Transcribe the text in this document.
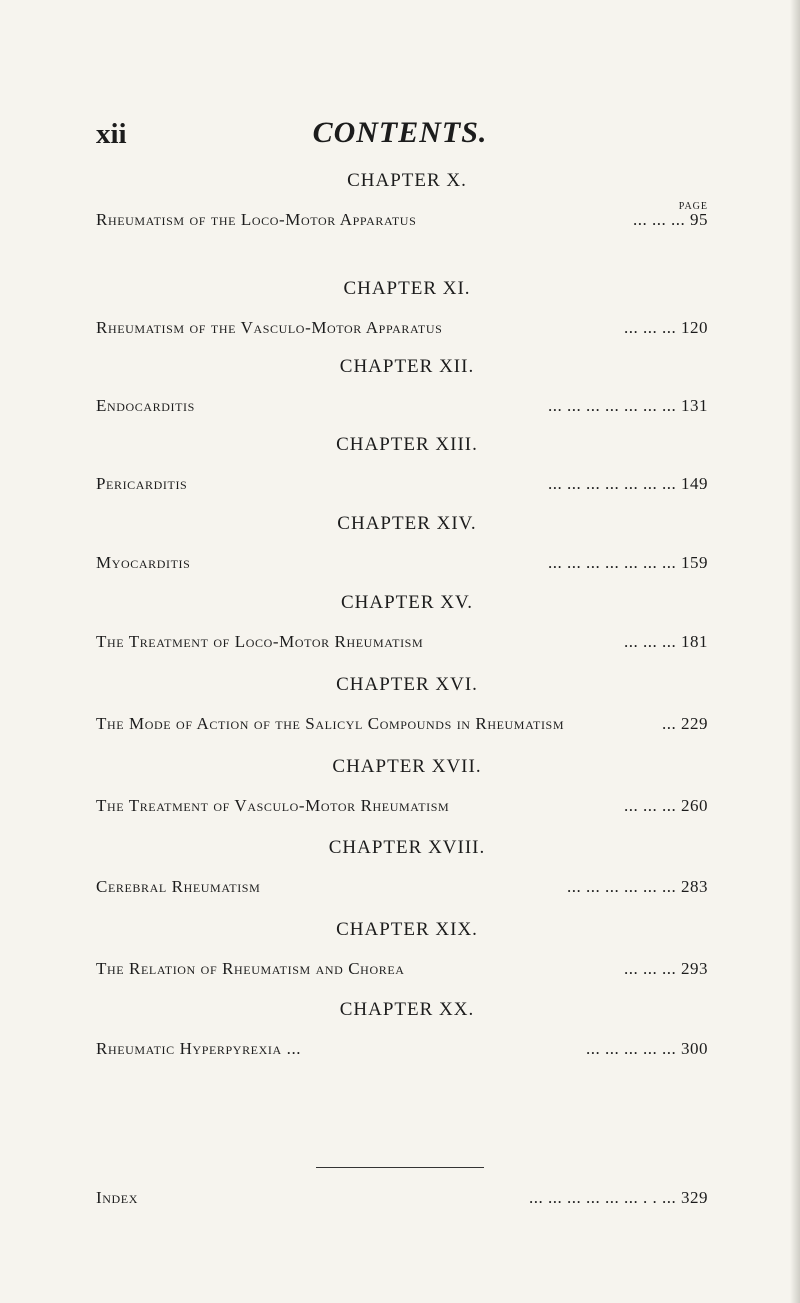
xii	CONTENTS.
PAGE
CHAPTER X.
Rheumatism of the Loco-Motor Apparatus	... ... ... 95
CHAPTER XI.
Rheumatism of the Vasculo-Motor Apparatus	... ... ... 120
CHAPTER XII.
Endocarditis	... ... ... ... ... ... ... 131
CHAPTER XIII.
Pericarditis	... ... ... ... ... ... ... 149
CHAPTER XIV.
Myocarditis	... ... ... ... ... ... ... 159
CHAPTER XV.
The Treatment of Loco-Motor Rheumatism	... ... ... 181
CHAPTER XVI.
The Mode of Action of the Salicyl Compounds in Rheumatism	... 229
CHAPTER XVII.
The Treatment of Vasculo-Motor Rheumatism	... ... ... 260
CHAPTER XVIII.
Cerebral Rheumatism	... ... ... ... ... ... 283
CHAPTER XIX.
The Relation of Rheumatism and Chorea	... ... ... 293
CHAPTER XX.
Rheumatic Hyperpyrexia ...	... ... ... ... ... 300
Index	... ... ... ... ... ... . . ... 329
